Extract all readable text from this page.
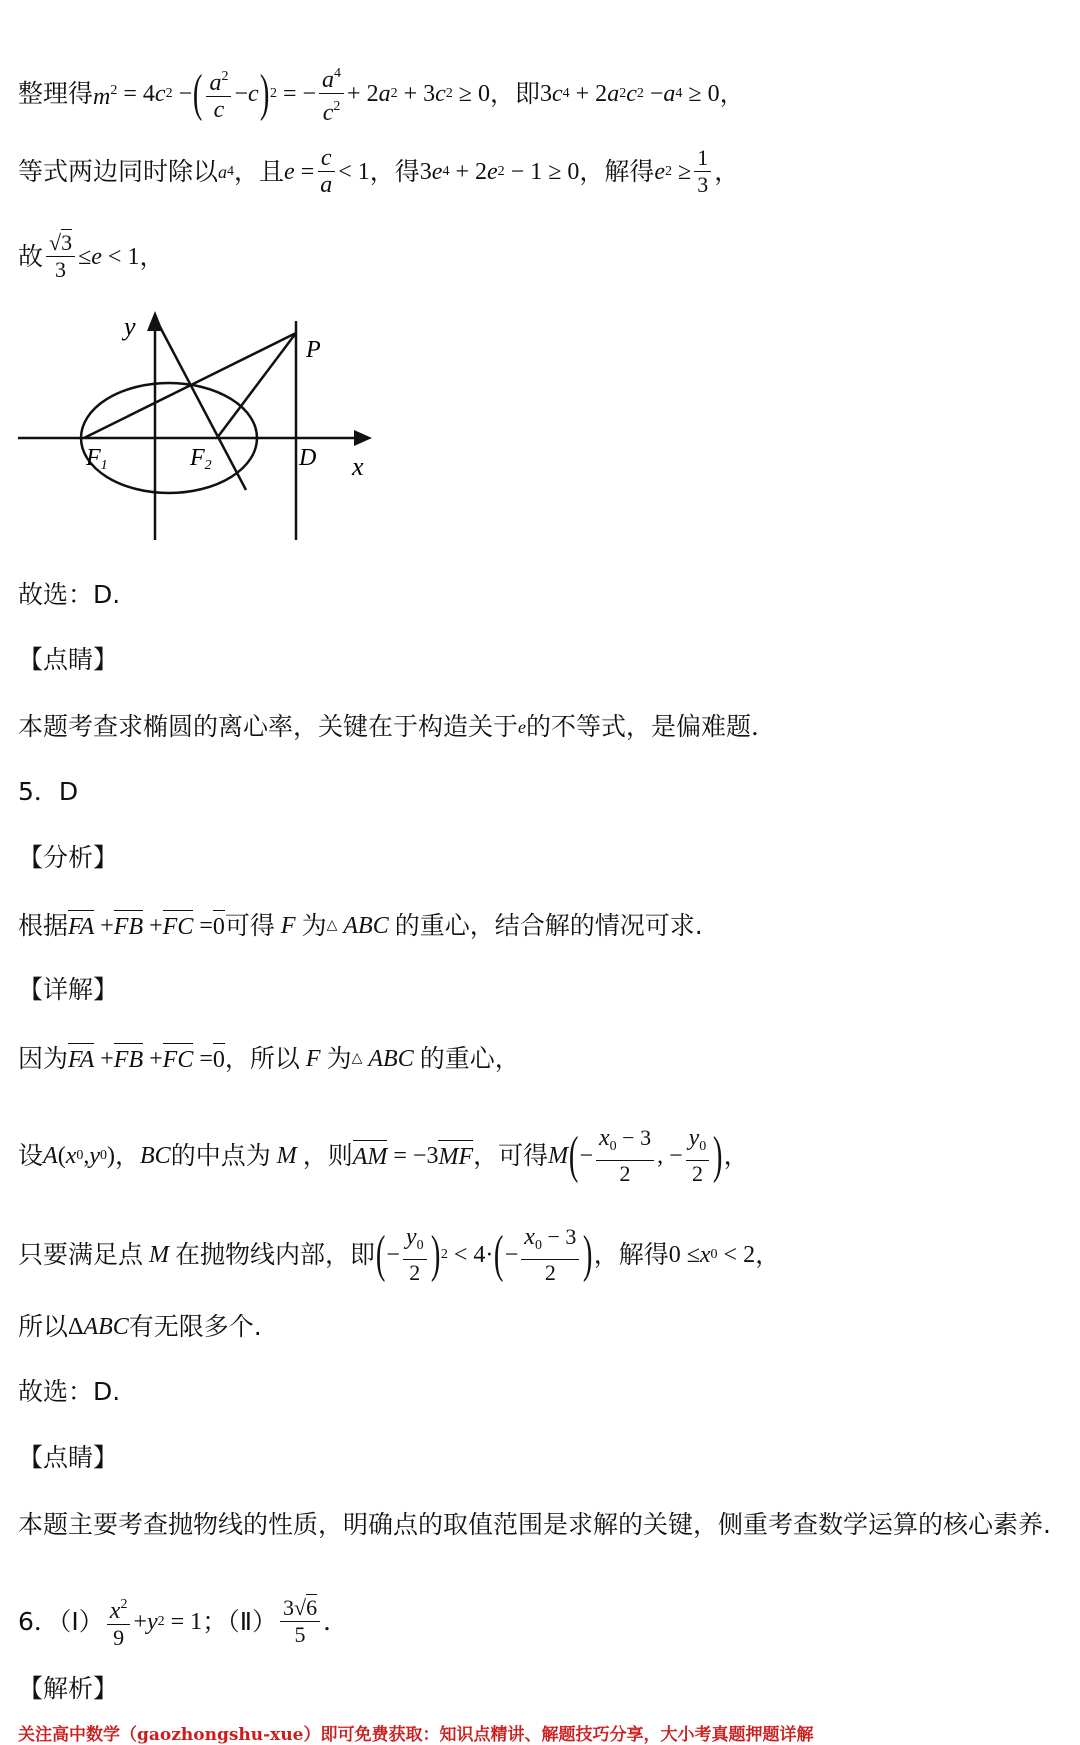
整理得 $m^2 = 4$ c 2 − ( $\frac{a^2}{c} - c$ ) 2 = − $\frac{a^4}{c^2} + 2$ a 2 + 3 c 2 ≥ 0 ，即 3 c 4 + 2 a 2 c 2 − a 4 ≥ 0 ，
等式两边同时除以 a 4 ，且 $e = \frac{c}{a} < 1$ ，得 3 e 4 + 2 e 2 − 1 ≥ 0 ，解得 e $2 \ge \frac{1}{3}$ ，
故 $\frac{√3}{3} \le e < 1$ ，
y
x
P
D
F1	F2
故选：D.
【点睛】
本题考查求椭圆的离心率，关键在于构造关于 e 的不等式，是偏难题．
5．D
【分析】
根据 FA + FB + FC = 0 可得 F 为 △ ABC 的重心，结合解的情况可求.
【详解】
因为 FA + FB + FC = 0 ，所以 F 为 △ ABC 的重心，
设 A ( x 0 , y 0 ) ， BC 的中点为 M ，则 AM = −3 MF ，可得 M ( − $\frac{x_0 - 3}{2}$ , − $\frac{y_0}{2}$ ) ，
只要满足点 M 在抛物线内部，即 ( − $\frac{y_0}{2}$ ) 2 < 4· ( − $\frac{x_0 - 3}{2}$ ) ，解得 0 ≤ x 0 < 2 ，
所以 Δ ABC 有无限多个.
故选：D.
【点睛】
本题主要考查抛物线的性质，明确点的取值范围是求解的关键，侧重考查数学运算的核心素养.
6．（Ⅰ） $\frac{x^2}{9} + y$ 2 = 1 ；（Ⅱ） $\frac{3√6}{5}$ ．
【解析】
关注高中数学（gaozhongshu-xue）即可免费获取：知识点精讲、解题技巧分享，大小考真题押题详解
